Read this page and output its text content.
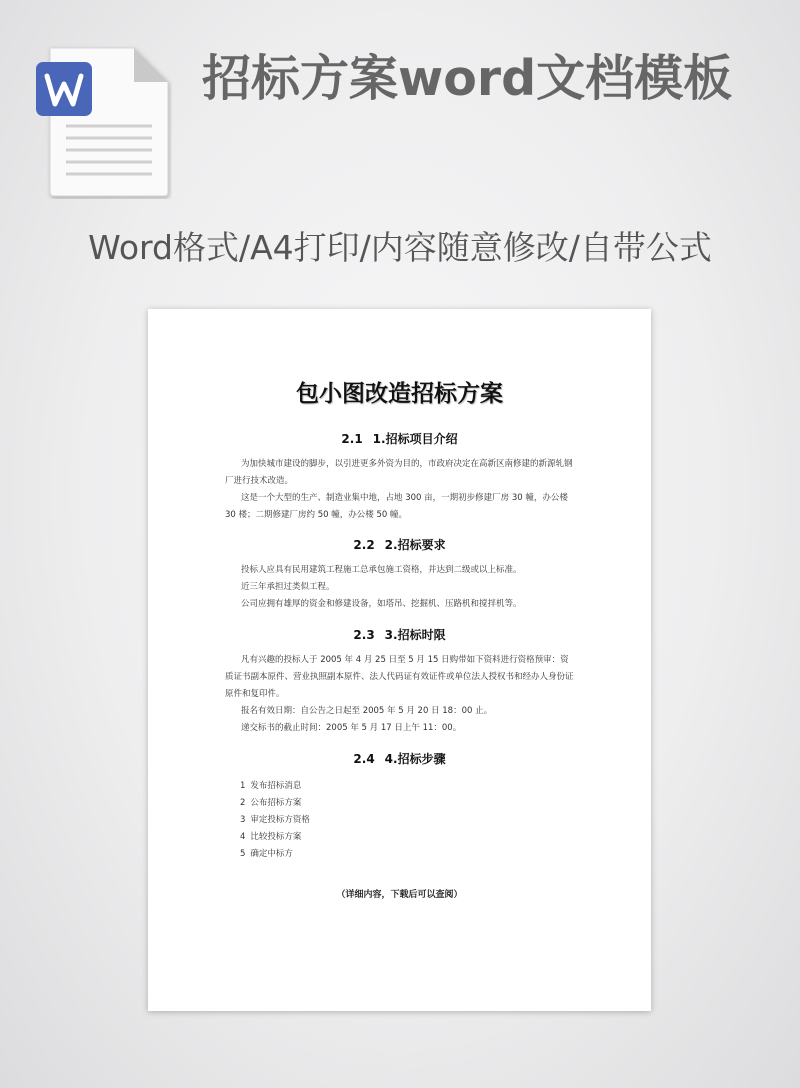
招标方案word文档模板

Word格式/A4打印/内容随意修改/自带公式

包小图改造招标方案

2.1 1.招标项目介绍

为加快城市建设的脚步，以引进更多外资为目的，市政府决定在高新区南修建的新源轧钢厂进行技术改造。

这是一个大型的生产、制造业集中地，占地 300 亩，一期初步修建厂房 30 幢，办公楼 30 楼；二期修建厂房约 50 幢，办公楼 50 幢。

2.2 2.招标要求

投标人应具有民用建筑工程施工总承包施工资格，并达到二级或以上标准。

近三年承担过类似工程。

公司应拥有雄厚的资金和修建设备，如塔吊、挖掘机、压路机和搅拌机等。

2.3 3.招标时限

凡有兴趣的投标人于 2005 年 4 月 25 日至 5 月 15 日购带如下资料进行资格预审：资质证书副本原件、营业执照副本原件、法人代码证有效证件或单位法人授权书和经办人身份证原件和复印件。

报名有效日期：自公告之日起至 2005 年 5 月 20 日 18：00 止。

递交标书的截止时间：2005 年 5 月 17 日上午 11：00。

2.4 4.招标步骤

1 发布招标消息

2 公布招标方案

3 审定投标方资格

4 比较投标方案

5 确定中标方

（详细内容，下载后可以查阅）
